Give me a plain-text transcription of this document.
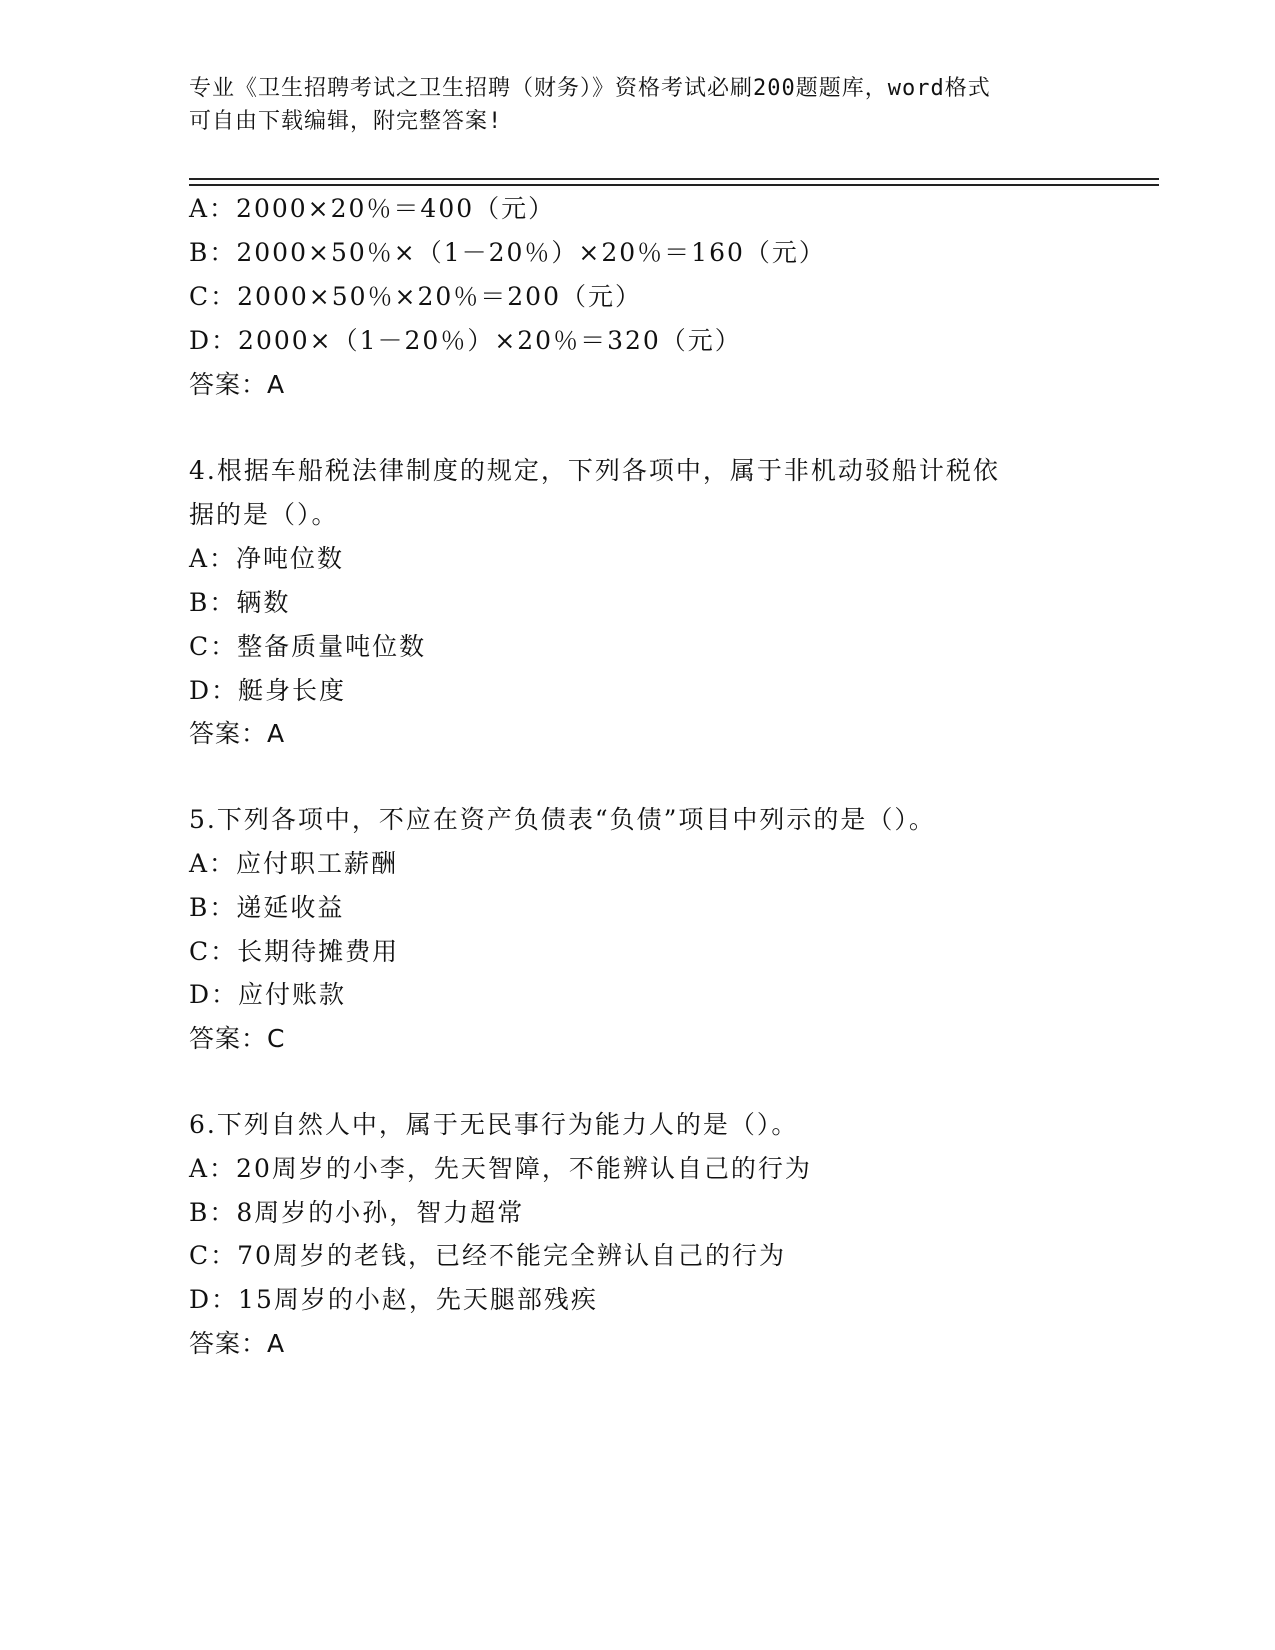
专业《卫生招聘考试之卫生招聘（财务）》资格考试必刷200题题库，word格式
可自由下载编辑，附完整答案!
A：2000×20％＝400（元）
B：2000×50％×（1－20％）×20％＝160（元）
C：2000×50％×20％＝200（元）
D：2000×（1－20％）×20％＝320（元）
答案：A
4.根据车船税法律制度的规定，下列各项中，属于非机动驳船计税依
据的是（）。
A：净吨位数
B：辆数
C：整备质量吨位数
D：艇身长度
答案：A
5.下列各项中，不应在资产负债表“负债”项目中列示的是（）。
A：应付职工薪酬
B：递延收益
C：长期待摊费用
D：应付账款
答案：C
6.下列自然人中，属于无民事行为能力人的是（）。
A：20周岁的小李，先天智障，不能辨认自己的行为
B：8周岁的小孙，智力超常
C：70周岁的老钱，已经不能完全辨认自己的行为
D：15周岁的小赵，先天腿部残疾
答案：A
